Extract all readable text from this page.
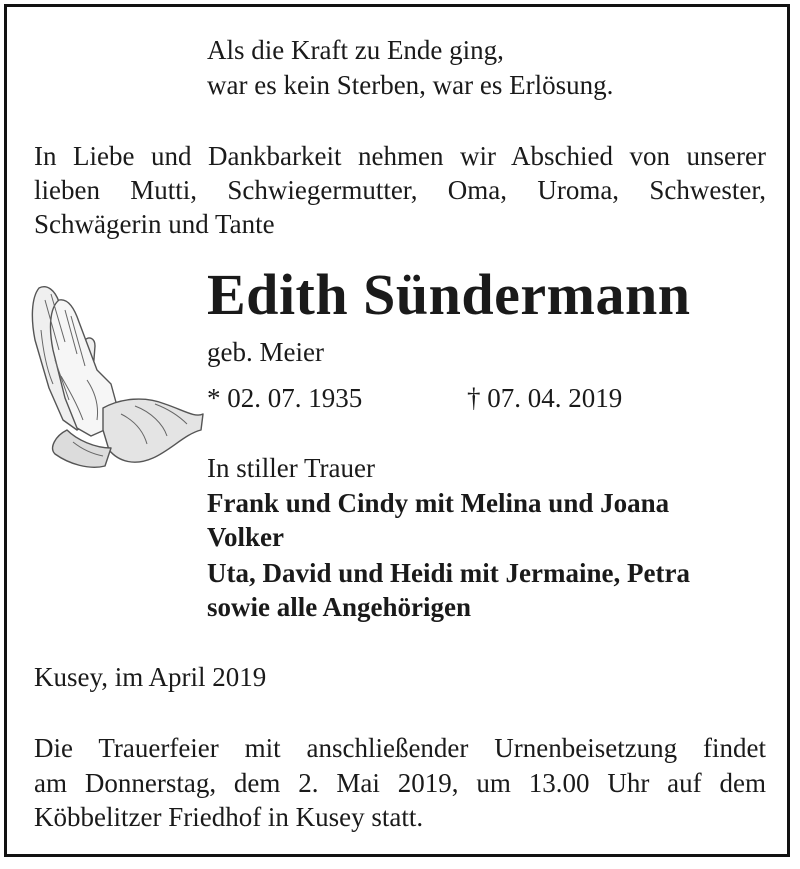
Als die Kraft zu Ende ging,
war es kein Sterben, war es Erlösung.
In Liebe und Dankbarkeit nehmen wir Abschied von unserer
lieben Mutti, Schwiegermutter, Oma, Uroma, Schwester,
Schwägerin und Tante
Edith Sündermann
geb. Meier
* 02. 07. 1935	† 07. 04. 2019
In stiller Trauer
Frank und Cindy mit Melina und Joana
Volker
Uta, David und Heidi mit Jermaine, Petra
sowie alle Angehörigen
Kusey, im April 2019
Die Trauerfeier mit anschließender Urnenbeisetzung findet
am Donnerstag, dem 2. Mai 2019, um 13.00 Uhr auf dem
Köbbelitzer Friedhof in Kusey statt.
